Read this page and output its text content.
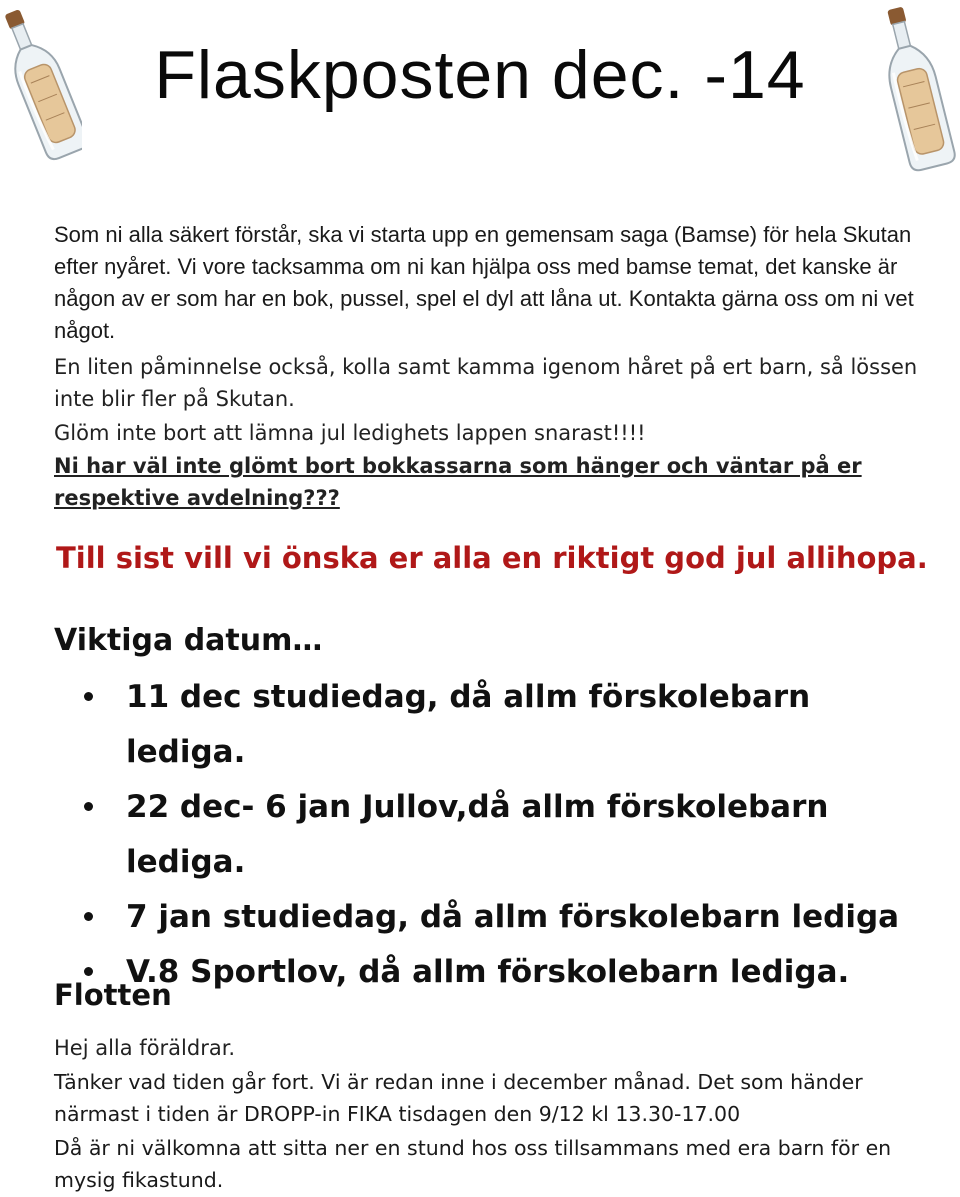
Flaskposten dec. -14
Som ni alla säkert förstår, ska vi starta upp en gemensam saga (Bamse) för hela Skutan efter nyåret. Vi vore tacksamma om ni kan hjälpa oss med bamse temat, det kanske är någon av er som har en bok, pussel, spel el dyl att låna ut. Kontakta gärna oss om ni vet något.
En liten påminnelse också, kolla samt kamma igenom håret på ert barn, så lössen inte blir fler på Skutan.
Glöm inte bort att lämna jul ledighets lappen snarast!!!!
Ni har väl inte glömt bort bokkassarna som hänger och väntar på er respektive avdelning???
Till sist vill vi önska er alla en riktigt god jul allihopa.
Viktiga datum…
11 dec studiedag, då allm förskolebarn lediga.
22 dec- 6 jan Jullov,då allm förskolebarn lediga.
7 jan studiedag, då allm förskolebarn lediga
V.8 Sportlov, då allm förskolebarn lediga.
Flotten
Hej alla föräldrar.
Tänker vad tiden går fort. Vi är redan inne i december månad. Det som händer närmast i tiden är DROPP-in FIKA tisdagen den 9/12 kl 13.30-17.00
Då är ni välkomna att sitta ner en stund hos oss tillsammans med era barn för en mysig fikastund.
